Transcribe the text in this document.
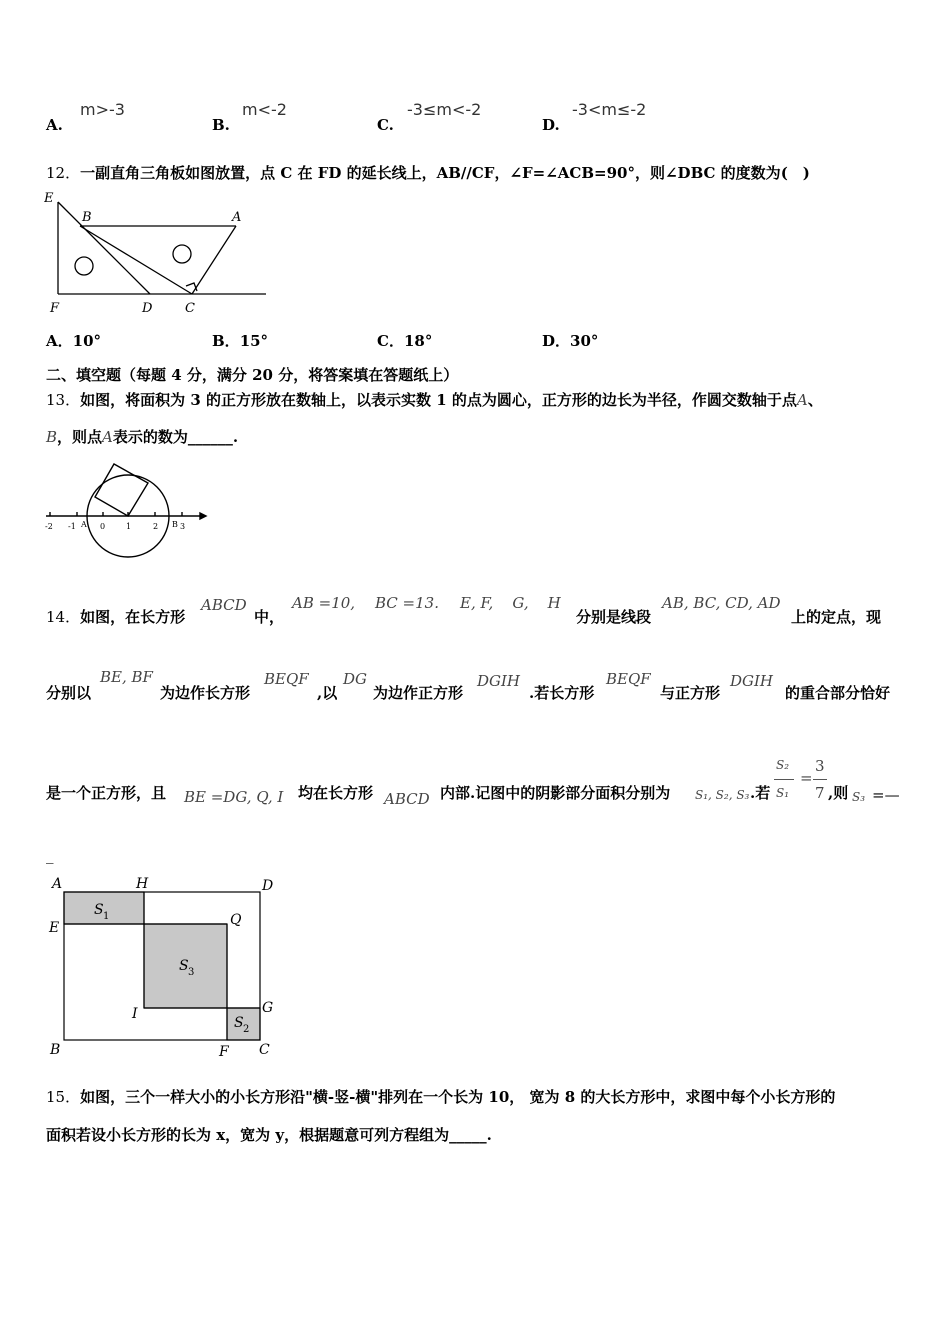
A.
m>-3
B.
m<-2
C.
-3≤m<-2
D.
-3<m≤-2
12．一副直角三角板如图放置，点 C 在 FD 的延长线上，AB//CF，∠F=∠ACB=90°，则∠DBC 的度数为(　)
E
B	A
F	D	C
A．10°	B．15°	C．18°	D．30°
二、填空题（每题 4 分，满分 20 分，将答案填在答题纸上）
13．如图，将面积为 3 的正方形放在数轴上，以表示实数 1 的点为圆心，正方形的边长为半径，作圆交数轴于点A、
B，则点A表示的数为______.
-2 -1 A 0	1	2 B 3
14．如图，在长方形
ABCD
中，
AB =10, BC =13. E, F,    G,    H
分别是线段
AB, BC, CD, AD
上的定点，现
分别以
BE, BF
为边作长方形
BEQF
,以
DG
为边作正方形
DGIH
.若长方形
BEQF
与正方形
DGIH
的重合部分恰好
是一个正方形，且 BE =DG, Q, I 均在长方形 ABCD 内部.记图中的阴影部分面积分别为 S₁, S₂, S₃ .若
S₂
S₁
=
3
7 ,则 S₃ =—
_
A	H	D
E	Q
I	G
B	F C
S 1
S 3
S 2
15．如图，三个一样大小的小长方形沿"横-竖-横"排列在一个长为 10， 宽为 8 的大长方形中，求图中每个小长方形的
面积若设小长方形的长为 x，宽为 y，根据题意可列方程组为_____.
